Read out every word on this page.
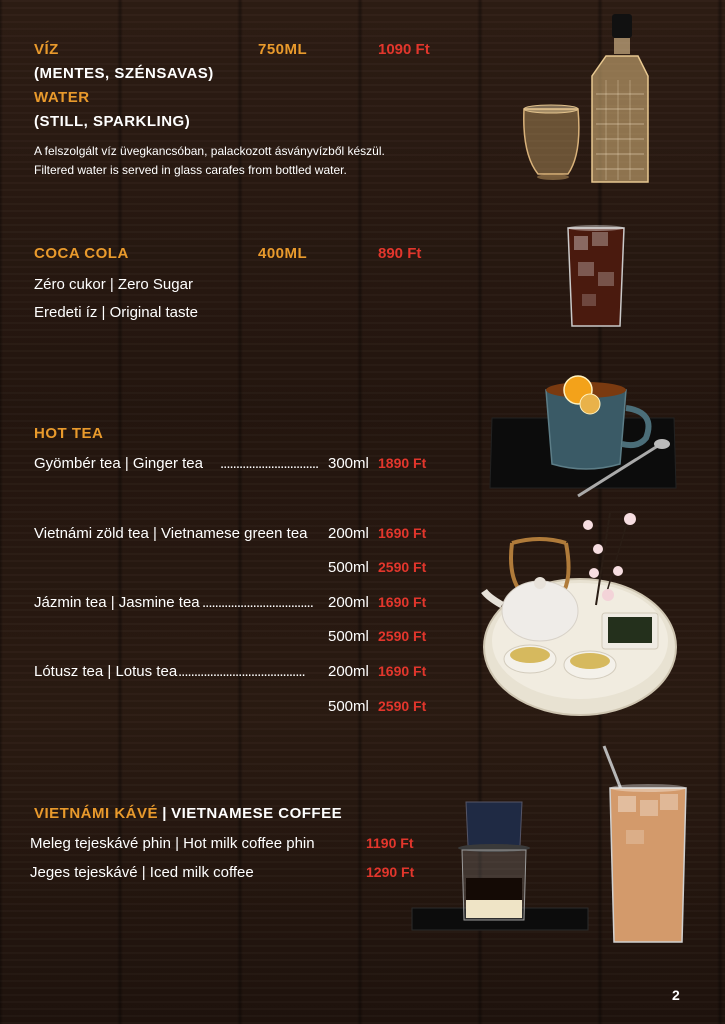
VÍZ	750ML	1090 Ft
(MENTES, SZÉNSAVAS)
WATER
(STILL, SPARKLING)
A felszolgált víz üvegkancsóban, palackozott ásványvízből készül.
Filtered water is served in glass carafes from bottled water.
COCA COLA	400ML	890 Ft
Zéro cukor | Zero Sugar
Eredeti íz | Original taste
HOT TEA
Gyömbér tea | Ginger tea ............................... 300ml 1890 Ft
Vietnámi zöld tea | Vietnamese green tea 200ml 1690 Ft
500ml 2590 Ft
Jázmin tea | Jasmine tea ................................... 200ml 1690 Ft
500ml 2590 Ft
Lótusz tea | Lotus tea ........................................ 200ml 1690 Ft
500ml 2590 Ft
VIETNÁMI KÁVÉ | VIETNAMESE COFFEE
Meleg tejeskávé phin | Hot milk coffee phin	1190 Ft
Jeges tejeskávé | Iced milk coffee	1290 Ft
2
